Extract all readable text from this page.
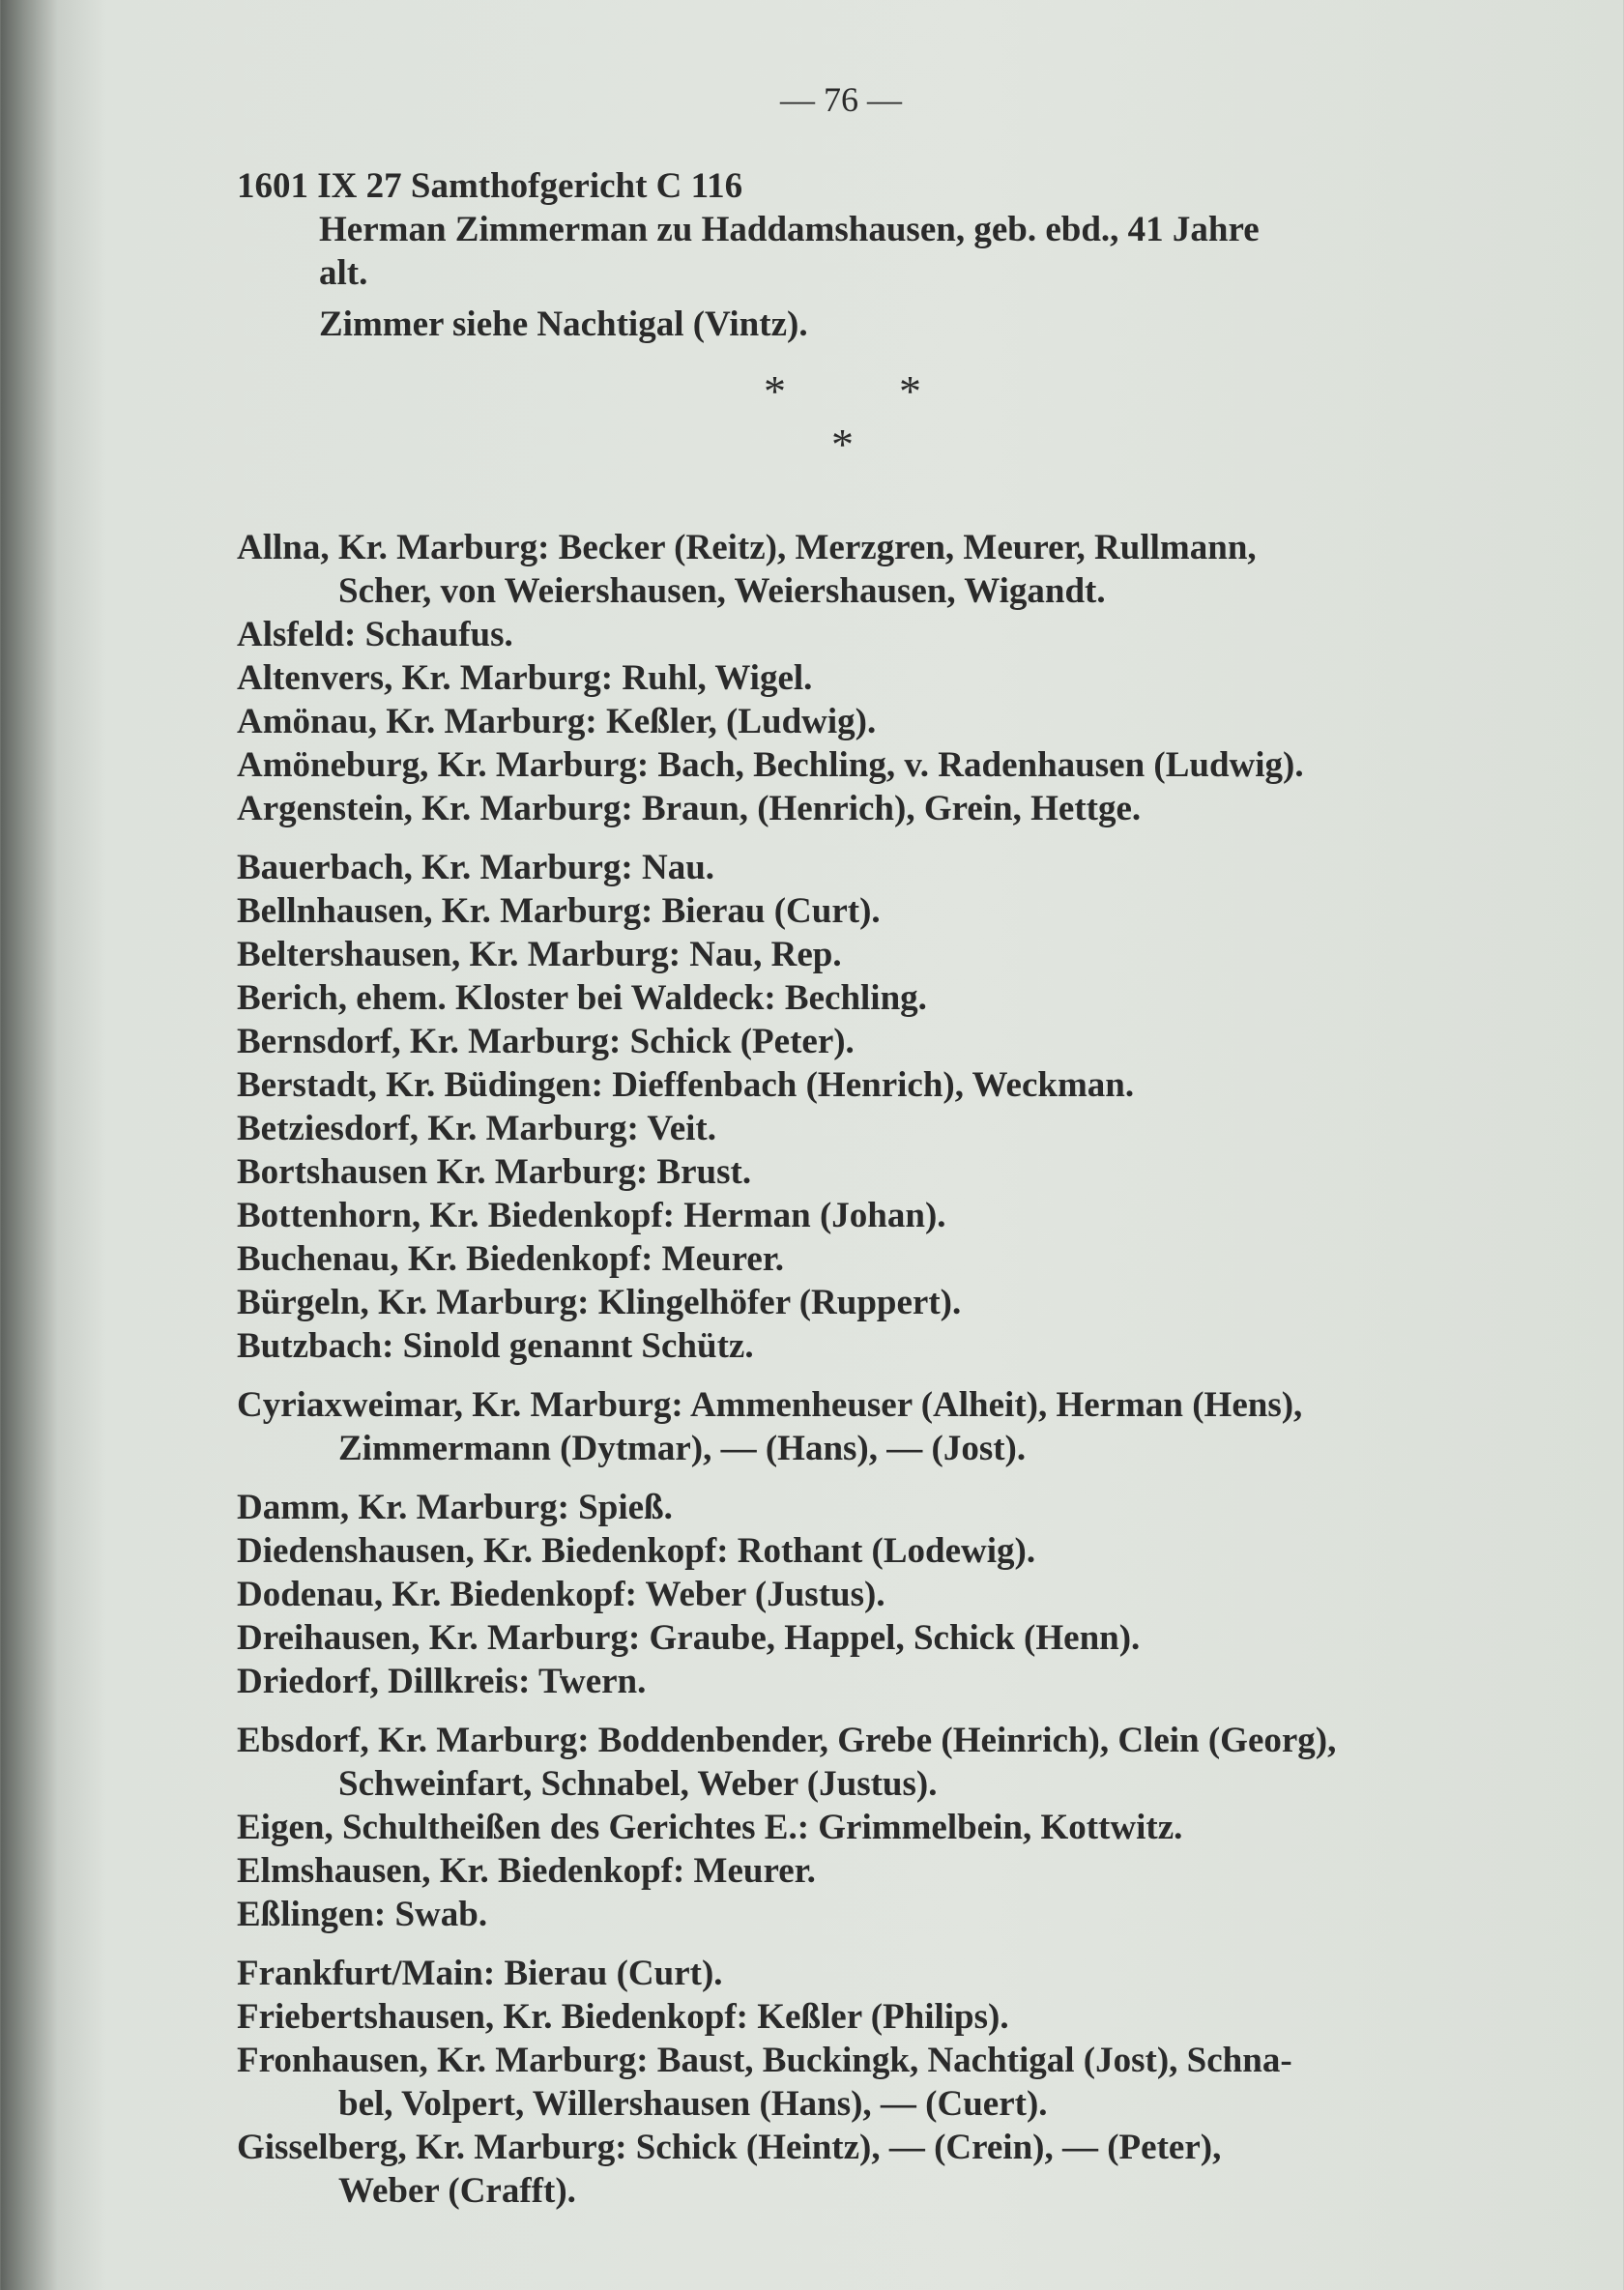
— 76 —
1601 IX 27 Samthofgericht C 116
Herman Zimmerman zu Haddamshausen, geb. ebd., 41 Jahre
alt.
Zimmer siehe Nachtigal (Vintz).
*	*
*
Allna, Kr. Marburg: Becker (Reitz), Merzgren, Meurer, Rullmann,
Scher, von Weiershausen, Weiershausen, Wigandt.
Alsfeld: Schaufus.
Altenvers, Kr. Marburg: Ruhl, Wigel.
Amönau, Kr. Marburg: Keßler, (Ludwig).
Amöneburg, Kr. Marburg: Bach, Bechling, v. Radenhausen (Ludwig).
Argenstein, Kr. Marburg: Braun, (Henrich), Grein, Hettge.
Bauerbach, Kr. Marburg: Nau.
Bellnhausen, Kr. Marburg: Bierau (Curt).
Beltershausen, Kr. Marburg: Nau, Rep.
Berich, ehem. Kloster bei Waldeck: Bechling.
Bernsdorf, Kr. Marburg: Schick (Peter).
Berstadt, Kr. Büdingen: Dieffenbach (Henrich), Weckman.
Betziesdorf, Kr. Marburg: Veit.
Bortshausen Kr. Marburg: Brust.
Bottenhorn, Kr. Biedenkopf: Herman (Johan).
Buchenau, Kr. Biedenkopf: Meurer.
Bürgeln, Kr. Marburg: Klingelhöfer (Ruppert).
Butzbach: Sinold genannt Schütz.
Cyriaxweimar, Kr. Marburg: Ammenheuser (Alheit), Herman (Hens),
Zimmermann (Dytmar), — (Hans), — (Jost).
Damm, Kr. Marburg: Spieß.
Diedenshausen, Kr. Biedenkopf: Rothant (Lodewig).
Dodenau, Kr. Biedenkopf: Weber (Justus).
Dreihausen, Kr. Marburg: Graube, Happel, Schick (Henn).
Driedorf, Dillkreis: Twern.
Ebsdorf, Kr. Marburg: Boddenbender, Grebe (Heinrich), Clein (Georg),
Schweinfart, Schnabel, Weber (Justus).
Eigen, Schultheißen des Gerichtes E.: Grimmelbein, Kottwitz.
Elmshausen, Kr. Biedenkopf: Meurer.
Eßlingen: Swab.
Frankfurt/Main: Bierau (Curt).
Friebertshausen, Kr. Biedenkopf: Keßler (Philips).
Fronhausen, Kr. Marburg: Baust, Buckingk, Nachtigal (Jost), Schna-
bel, Volpert, Willershausen (Hans), — (Cuert).
Gisselberg, Kr. Marburg: Schick (Heintz), — (Crein), — (Peter),
Weber (Crafft).
